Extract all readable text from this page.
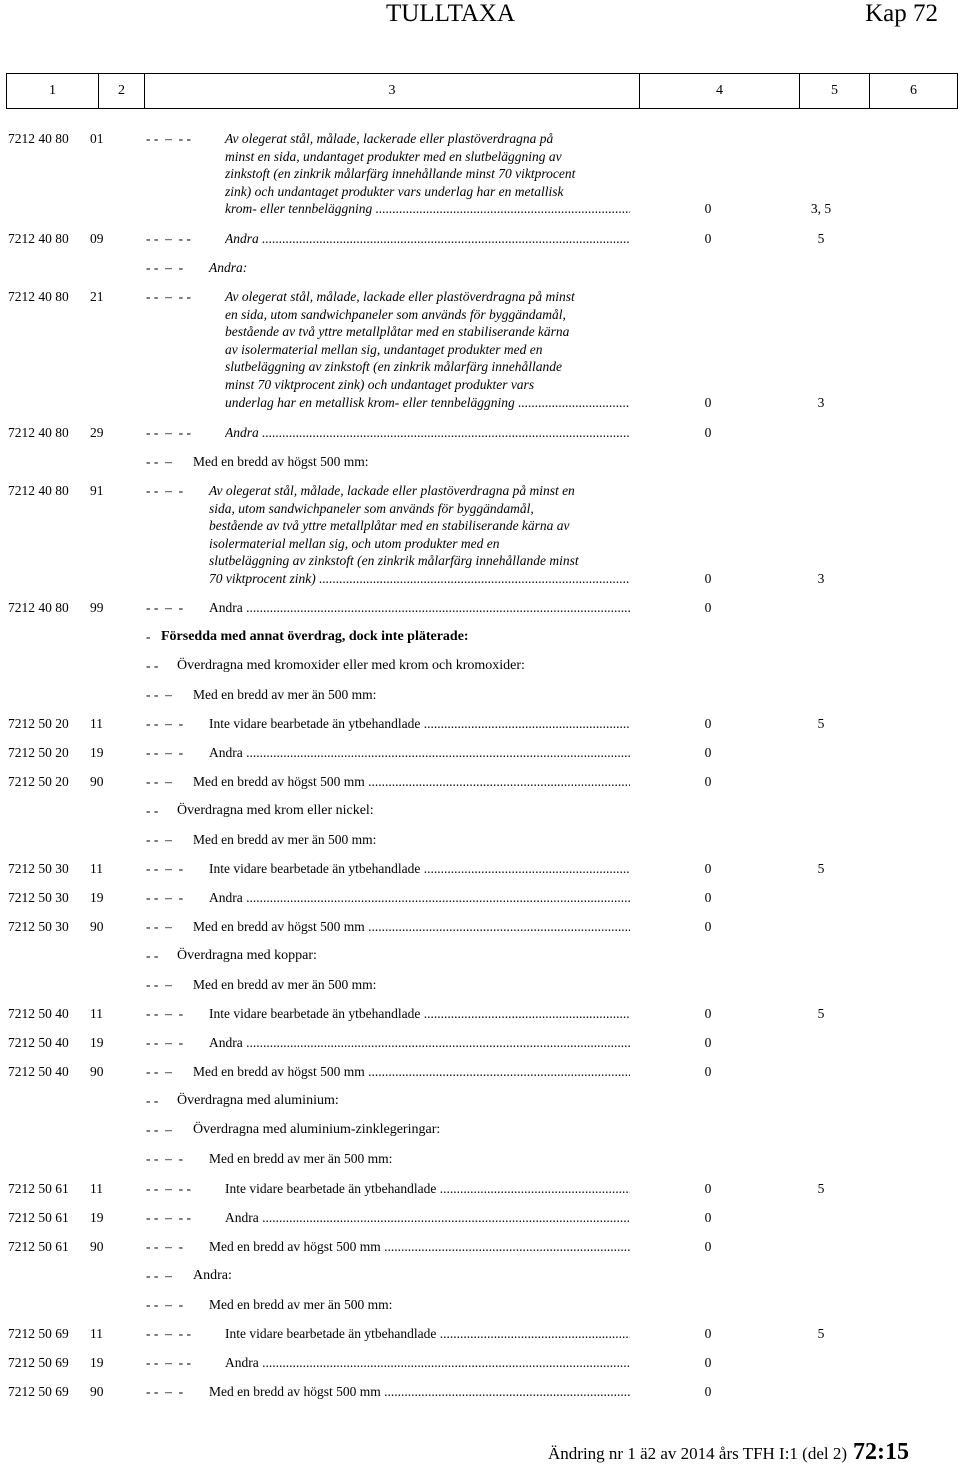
TULLTAXA	Kap 72
1	2	3	4	5	6
7212 40 80 01	- -  –  - -	Av olegerat stål, målade, lackerade eller plastöverdragna på
minst en sida, undantaget produkter med en slutbeläggning av
zinkstoft (en zinkrik målarfärg innehållande minst 70 viktprocent
zink) och undantaget produkter vars underlag har en metallisk
krom- eller tennbeläggning .....	0	3, 5
7212 40 80 09	- -  –  - -	Andra .....	0	5
- -  –  - Andra:
7212 40 80 21	- -  –  - -	Av olegerat stål, målade, lackade eller plastöverdragna på minst
en sida, utom sandwichpaneler som används för byggändamål,
bestående av två yttre metallplåtar med en stabiliserande kärna
av isolermaterial mellan sig, undantaget produkter med en
slutbeläggning av zinkstoft (en zinkrik målarfärg innehållande
minst 70 viktprocent zink) och undantaget produkter vars
underlag har en metallisk krom- eller tennbeläggning .....	0	3
7212 40 80 29	- -  –  - -	Andra .....	0
- -  – Med en bredd av högst 500 mm:
7212 40 80 91	- -  –  - Av olegerat stål, målade, lackade eller plastöverdragna på minst en
sida, utom sandwichpaneler som används för byggändamål,
bestående av två yttre metallplåtar med en stabiliserande kärna av
isolermaterial mellan sig, och utom produkter med en
slutbeläggning av zinkstoft (en zinkrik målarfärg innehållande minst
70 viktprocent zink) .....	0	3
7212 40 80 99	- -  –  - Andra .....	0
- Försedda med annat överdrag, dock inte pläterade:
- - Överdragna med kromoxider eller med krom och kromoxider:
- -  – Med en bredd av mer än 500 mm:
7212 50 20 11	- -  –  - Inte vidare bearbetade än ytbehandlade .....	0	5
7212 50 20 19	- -  –  - Andra .....	0
7212 50 20 90	- -  – Med en bredd av högst 500 mm .....	0
- - Överdragna med krom eller nickel:
- -  – Med en bredd av mer än 500 mm:
7212 50 30 11	- -  –  - Inte vidare bearbetade än ytbehandlade .....	0	5
7212 50 30 19	- -  –  - Andra .....	0
7212 50 30 90	- -  – Med en bredd av högst 500 mm .....	0
- - Överdragna med koppar:
- -  – Med en bredd av mer än 500 mm:
7212 50 40 11	- -  –  - Inte vidare bearbetade än ytbehandlade .....	0	5
7212 50 40 19	- -  –  - Andra .....	0
7212 50 40 90	- -  – Med en bredd av högst 500 mm .....	0
- - Överdragna med aluminium:
- -  – Överdragna med aluminium-zinklegeringar:
- -  –  - Med en bredd av mer än 500 mm:
7212 50 61 11	- -  –  - -	Inte vidare bearbetade än ytbehandlade .....	0	5
7212 50 61 19	- -  –  - -	Andra .....	0
7212 50 61 90	- -  –  - Med en bredd av högst 500 mm .....	0
- -  – Andra:
- -  –  - Med en bredd av mer än 500 mm:
7212 50 69 11	- -  –  - -	Inte vidare bearbetade än ytbehandlade .....	0	5
7212 50 69 19	- -  –  - -	Andra .....	0
7212 50 69 90	- -  –  - Med en bredd av högst 500 mm .....	0
Ändring nr 1 ä2 av 2014 års TFH I:1 (del 2) 72:15
